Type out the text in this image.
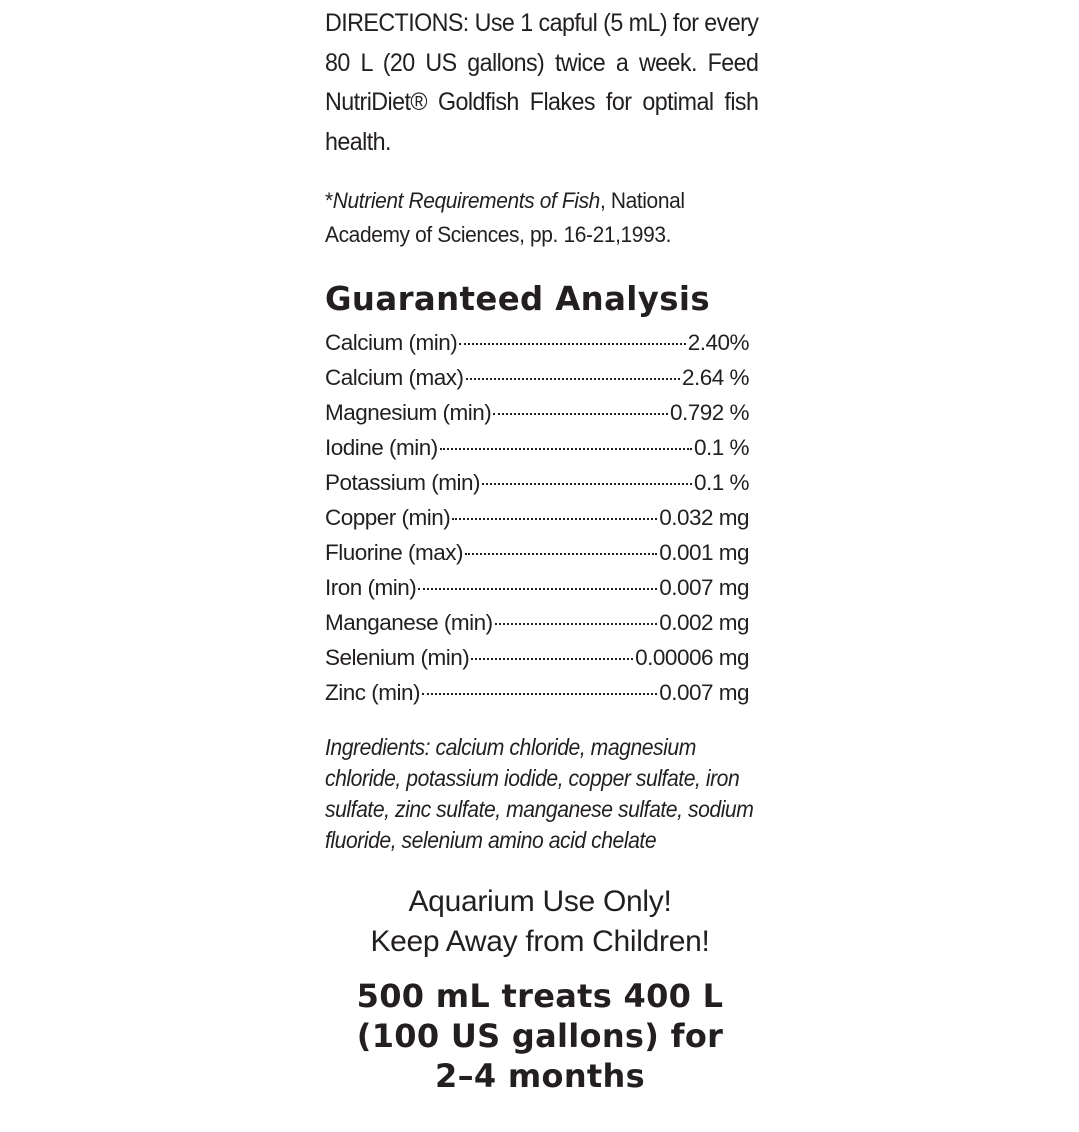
DIRECTIONS: Use 1 capful (5 mL) for every 80 L (20 US gallons) twice a week. Feed NutriDiet® Goldfish Flakes for optimal fish health.

*Nutrient Requirements of Fish, National Academy of Sciences, pp. 16-21,1993.

Guaranteed Analysis
Calcium (min)	2.40%
Calcium (max)	2.64 %
Magnesium (min)	0.792 %
Iodine (min)	0.1 %
Potassium (min)	0.1 %
Copper (min)	0.032 mg
Fluorine (max)	0.001 mg
Iron (min)	0.007 mg
Manganese (min)	0.002 mg
Selenium (min)	0.00006 mg
Zinc (min)	0.007 mg

Ingredients: calcium chloride, magnesium chloride, potassium iodide, copper sulfate, iron sulfate, zinc sulfate, manganese sulfate, sodium fluoride, selenium amino acid chelate

Aquarium Use Only!
Keep Away from Children!
500 mL treats 400 L
(100 US gallons) for
2–4 months
